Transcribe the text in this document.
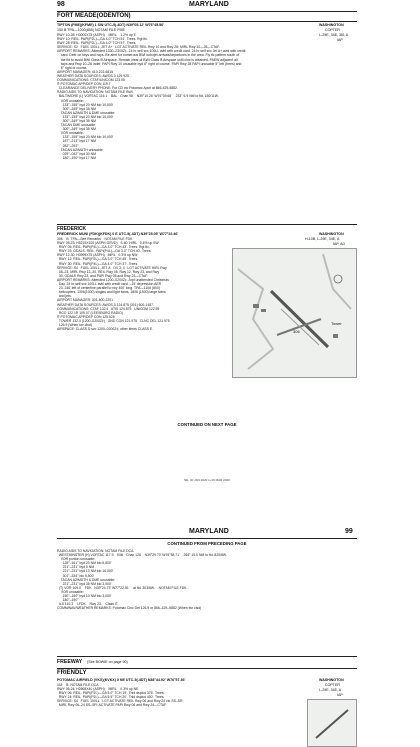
98	MARYLAND
FORT MEADE(ODENTON)
TIPTON (FME)(KFME) 1 SW UTC-5(-4DT) N39°05.12' W76°45.56'	WASHINGTON
COPTER
L-29E, 34E, 36I, A
IAP
150 B TPA—1000(850) NOTAM FILE FME
RWY 10-28: H3000X75 (ASPH)    MIRL    1.2% up E
RWY 10: REIL. PAPI(P2L)—GA 4.0° TCH 51'. Trees. Rgt tfc.
RWY 28: REIL. PAPI(P2L)—GA 4.0° TCH 57'. Trees.
SERVICE: S2   FUEL 100LL, JET A+   LGT ACTIVATE REIL Rwy 10 and Rwy 28; MIRL Rwy 10—28—CTAF.
AIRPORT REMARKS: Attended 1330–2300Z‡. 24 hr self svc 100LL avbl with credit card. 24 hr self svc Jet A+ avbl with credit
card. Deer on twys and rwys. Be alert for numerous BWI turbojet arrivals/departures in the area. Fly tfc pattern south of
the fld to avoid BWI Class B Airspace. Remain clear of BWI Class B Airspace until clnc is obtained. PAEW adjacent all
twys and Rwy 10–28 indef. PAPI Rwy 10 unusable byd 6° right of course. PAPI Rwy 28 PAPI unusable 5° left (trees) and
8° right of course.
AIRPORT MANAGER: 410-222-6815
WEATHER DATA SOURCES: AWOS-3 129.925.
COMMUNICATIONS: CTAF/UNICOM 123.05
® POTOMAC APP/DEP CON 119.7
CLEARANCE DELIVERY PHONE: For CD ctc Potomac Apch at 866-429-5882.
RADIO AIDS TO NAVIGATION: NOTAM FILE BWI.
BALTIMORE (L) VORTAC 115.1    BAL   Chan 98    N39°10.26' W76°39.68'    233° 6.9 NM to fld. 150/11W.
VOR unusable:
133°–155° byd 20 NM blo 10,000'
300°–349° byd 35 NM
TACAN AZIMUTH & DME unusable:
133°–155° byd 20 NM blo 10,000'
300°–349° byd 35 NM
TACAN DME unusable:
300°–349° byd 35 NM
VOR unusable:
133°–155° byd 20 NM blo 10,000'
187°–213° byd 17 NM
282°–292°
TACAN AZIMUTH unusable:
029°–042° byd 30 NM
180°–190° byd 17 NM
FREDERICK
FREDERICK MUNI (FDK)(KFDK) 0 E UTC-5(-4DT) N39°25.05' W77°22.46'	WASHINGTON
H-10B, L-29E, 34E, A
IAP, AD
306    B  TPA—See Remarks    NOTAM FILE FDK
RWY 05-23: H5219X100 (ASPH-GRVD)   S-60  HIRL   0.4% up SW
RWY 05: REIL. PAPI(P4L)—GA 3.0° TCH 43'. Trees. Rgt tfc.
RWY 23: ODALS. REIL. PAPI(P4L)—GA 3.0° TCH 40'. Trees.
RWY 12-30: H3999X75 (ASPH)   MIRL   0.3% up NW
RWY 12: REIL. PAPI(P2L)—GA 3.0° TCH 45'. Trees.
RWY 30: REIL. PAPI(P4L)—GA 4.0° TCH 37'. Trees.
SERVICE: S4   FUEL 100LL, JET A   OX 3, 4   LGT ACTIVATE HIRL Rwy
05–23, MIRL Rwy 12–30, REIL Rwy 05, Rwy 12, Rwy 23, and Rwy
30, ODALS Rwy 23, and PAPI Rwy 05 and Rwy 23—CTAF.
AIRPORT REMARKS: Attended 1200–0200Z‡. Arpt unattended Christmas
Day. 24 hr self svc 100LL avbl with credit card. –15' depression AER
23. 246' left of centerline parallel to rwy 400' long. TPA—1106 (800)
helicopters, 1306(1000) singles and light twins, 1806 (1500) large twins
and jets.
AIRPORT MANAGER: 301-600-2201
WEATHER DATA SOURCES: AWOS-3 124.875 (301) 600-1457.
COMMUNICATIONS: CTAF 132.4   ATIS 124.875   UNICOM 122.95
RCO 122.1R 109.07 (LEESBURG RADIO)
® POTOMAC APP/DEP CON 125.525
TOWER 132.4 (1200–0200Z‡)   GND CON 121.975   CLNC DEL 121.975
126.9 (When twr clsd)
AIRSPACE: CLASS D svc 1200–0200Z‡; other times CLASS E.
Tower
306
CONTINUED ON NEXT PAGE
NE, 30 JAN 2020 to 26 MAR 2020
MARYLAND	99
CONTINUED FROM PRECEDING PAGE
RADIO AIDS TO NAVIGATION: NOTAM FILE DCA.
WESTMINSTER (H) VORTAC 117.9    EMI   Chan 126    N39°29.70' W76°58.71'    264° 19.0 NM to fld. 820/8W.
VOR portion unusable:
128°–161° byd 20 NM blo 6,500'
221°–231° byd 5 NM
221°–231° byd 13 NM blo 16,000'
301°–334° blo 5,500'
TACAN AZIMUTH & DME unusable:
221°–231° byd 35 NM blo 3,000'
(T) VOR 109.0    FDK   N39°24.73' W77°22.51'    at fld. 303/8W.    NOTAM FILE FDK.
VOR unusable:
150°–160° byd 10 NM blo 3,000'
180°–190°
ILS 110.3    I-FDK    Rwy 23.    Class IT.
COMM/NAV/WEATHER REMARKS: Potomac Clnc Del 126.9 or 866–429–5882 (When twr clsd)
FREEWAY (See BOWIE on page 90)
FRIENDLY
POTOMAC AIRFIELD (VKX)(KVKX) 0 NE UTC-5(-4DT) N38°44.92' W76°57.36'	WASHINGTON
COPTER
L-29E, 34E, A
IAP
118    B  NOTAM FILE DCA
RWY 06-24: H2665X40 (ASPH)    MIRL    0.3% up NE
RWY 06: REIL. PAPI(P2L)—GA 5.0° TCH 19'. Thld dsplcd 376'. Trees.
RWY 24: REIL. PAPI(P2L)—GA 5.5° TCH 20'. Thld dsplcd 400'. Trees.
SERVICE: S4   FUEL 100LL   LGT ACTIVATE REIL Rwy 06 and Rwy 24 ctc SS–SR;
MIRL Rwy 06–24 SS–SR; ACTIVATE PAPI Rwy 06 and Rwy 24—CTAF.
